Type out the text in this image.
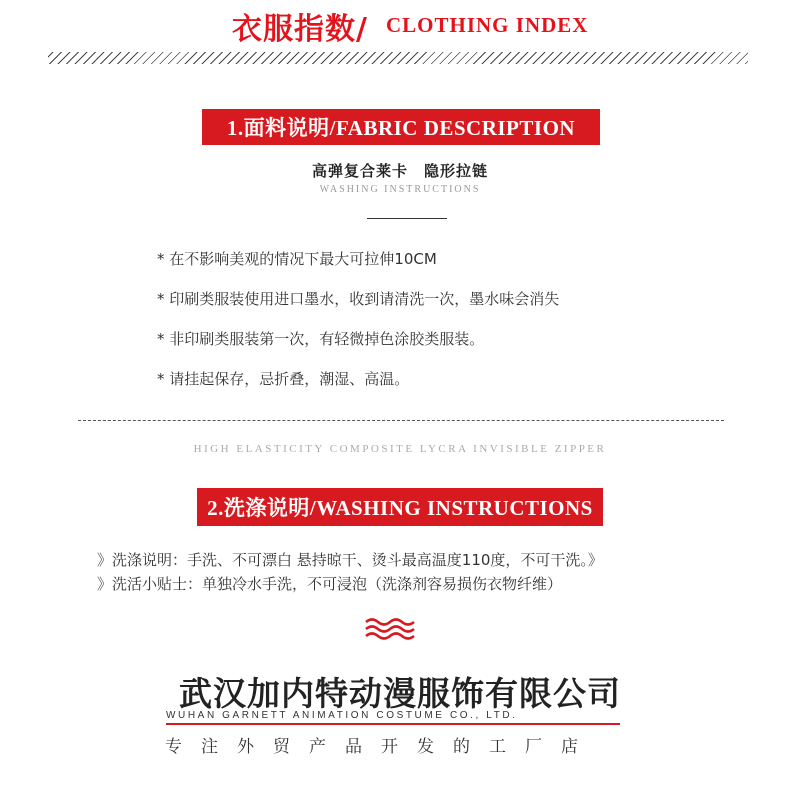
衣服指数/ CLOTHING INDEX
1.面料说明/FABRIC DESCRIPTION
高弹复合莱卡　隐形拉链
WASHING INSTRUCTIONS
* 在不影响美观的情况下最大可拉伸10CM
* 印刷类服装使用进口墨水，收到请清洗一次，墨水味会消失
* 非印刷类服装第一次，有轻微掉色涂胶类服装。
* 请挂起保存，忌折叠，潮湿、高温。
HIGH ELASTICITY COMPOSITE LYCRA INVISIBLE ZIPPER
2.洗涤说明/WASHING INSTRUCTIONS
》洗涤说明：手洗、不可漂白 悬持晾干、烫斗最高温度110度，不可干洗。》
》洗活小贴士：单独冷水手洗，不可浸泡（洗涤剂容易损伤衣物纤维）
武汉加内特动漫服饰有限公司
WUHAN GARNETT ANIMATION COSTUME CO., LTD.
专注外贸产品开发的工厂店
